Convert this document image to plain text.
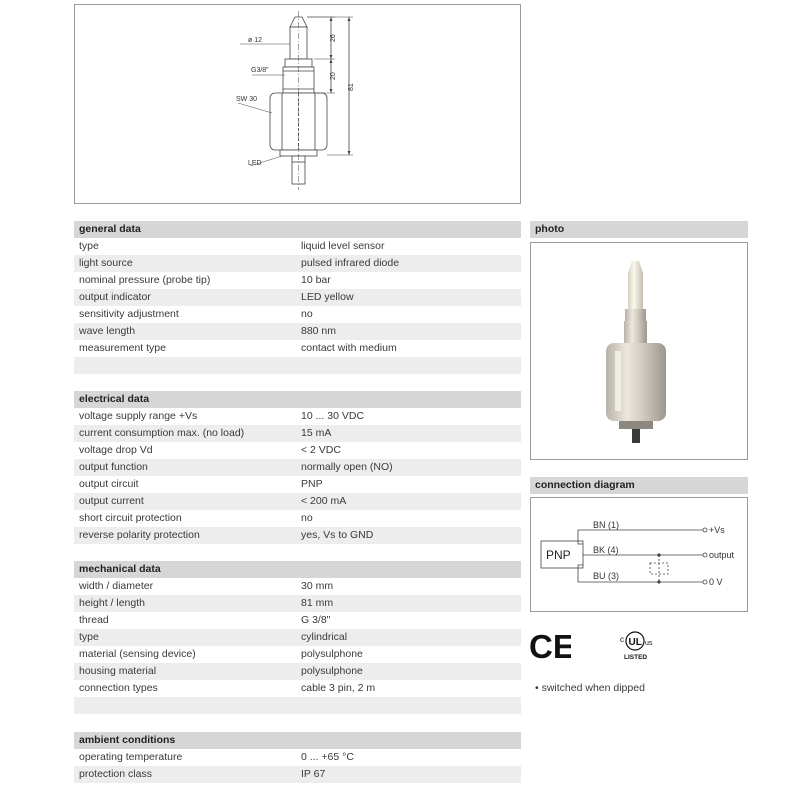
ø 12
G3/8"
SW 30
LED
26
20
81
general data
type	liquid level sensor
light source	pulsed infrared diode
nominal pressure (probe tip)	10 bar
output indicator	LED yellow
sensitivity adjustment	no
wave length	880 nm
measurement type	contact with medium
electrical data
voltage supply range +Vs	10 ... 30 VDC
current consumption max. (no load)	15 mA
voltage drop Vd	< 2 VDC
output function	normally open (NO)
output circuit	PNP
output current	< 200 mA
short circuit protection	no
reverse polarity protection	yes, Vs to GND
mechanical data
width / diameter	30 mm
height / length	81 mm
thread	G 3/8"
type	cylindrical
material (sensing device)	polysulphone
housing material	polysulphone
connection types	cable 3 pin, 2 m
ambient conditions
operating temperature	0 ... +65 °C
protection class	IP 67
photo
connection diagram
PNP
BN (1)
BK (4)
BU (3)
+Vs
output
0 V
CE	UL
c	us
LISTED
• switched when dipped
